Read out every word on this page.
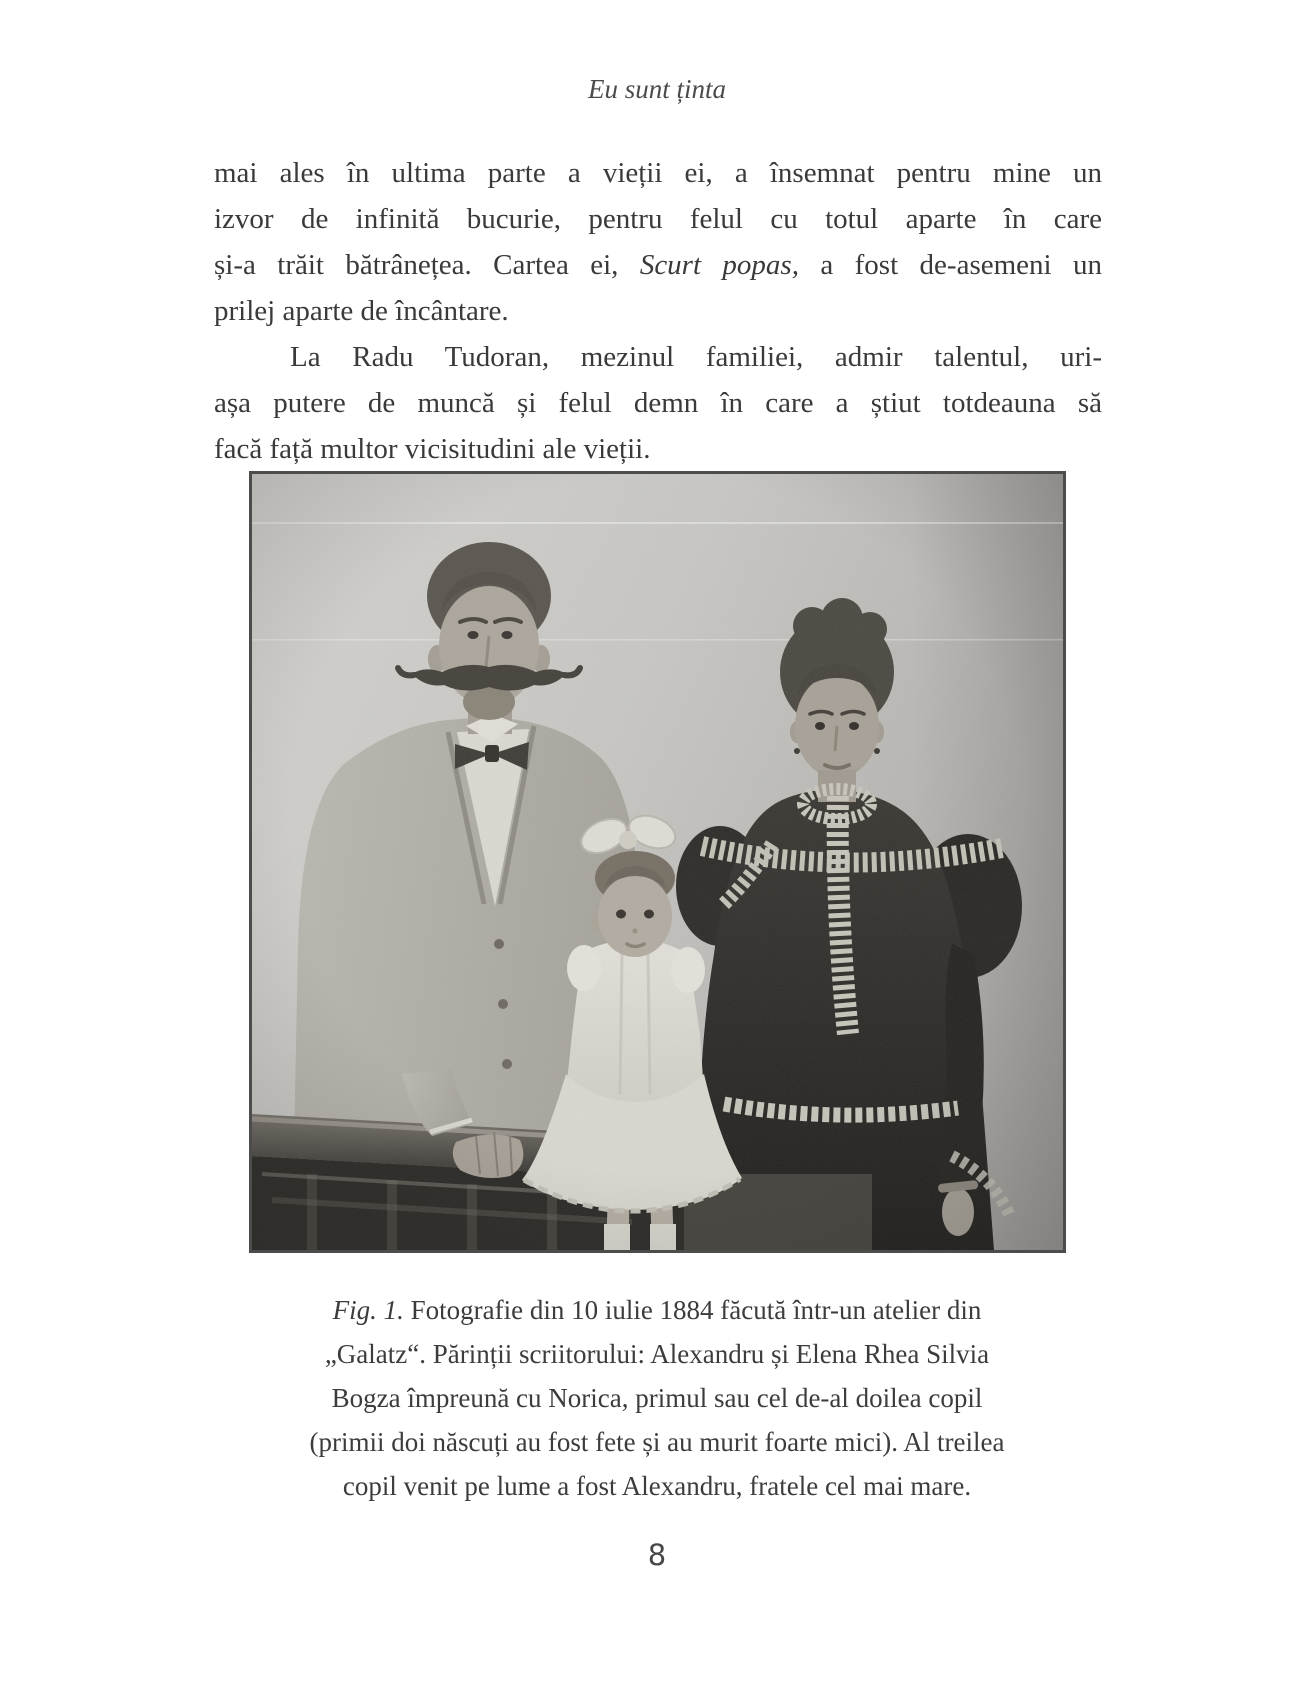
Eu sunt ținta
mai ales în ultima parte a vieții ei, a însemnat pentru mine un
izvor de infinită bucurie, pentru felul cu totul aparte în care
și-a trăit bătrânețea. Cartea ei, Scurt popas, a fost de-asemeni un
prilej aparte de încântare.
La Radu Tudoran, mezinul familiei, admir talentul, uri-
așa putere de muncă și felul demn în care a știut totdeauna să
facă față multor vicisitudini ale vieții.
Fig. 1. Fotografie din 10 iulie 1884 făcută într-un atelier din
„Galatz“. Părinții scriitorului: Alexandru și Elena Rhea Silvia
Bogza împreună cu Norica, primul sau cel de-al doilea copil
(primii doi născuți au fost fete și au murit foarte mici). Al treilea
copil venit pe lume a fost Alexandru, fratele cel mai mare.
8
